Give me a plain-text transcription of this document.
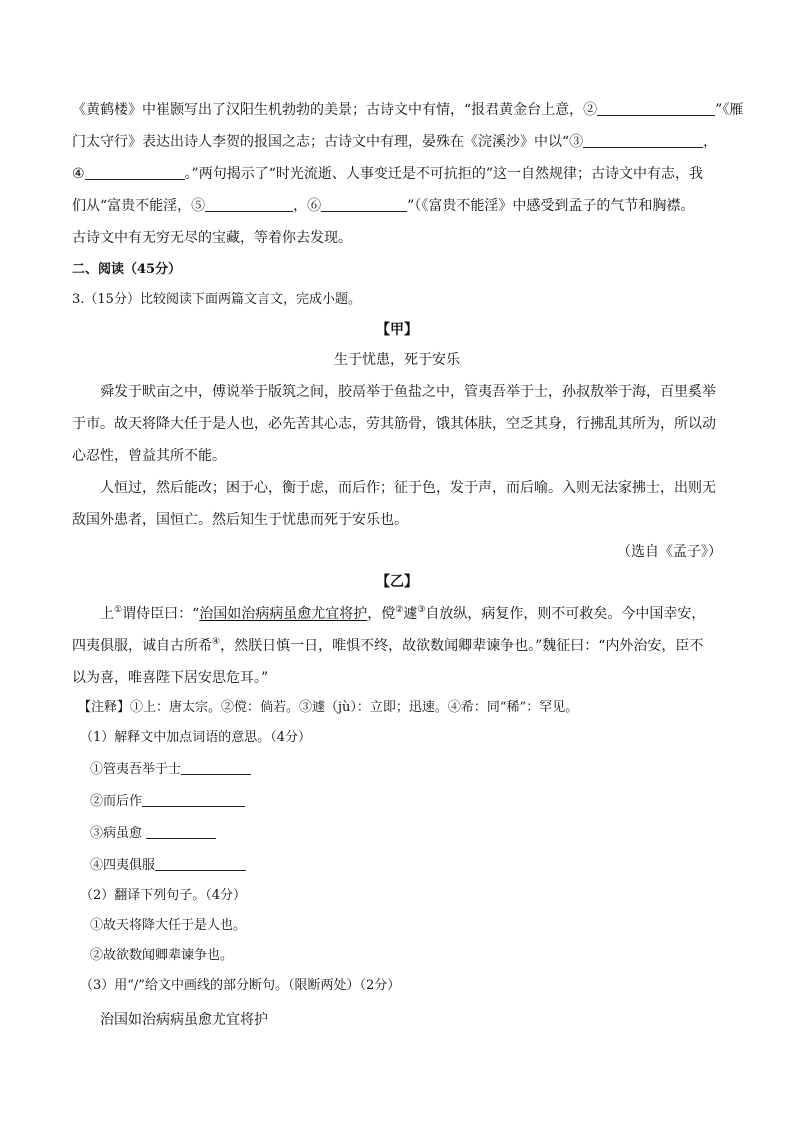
《黄鹤楼》中崔颢写出了汉阳生机勃勃的美景；古诗文中有情，“报君黄金台上意，②	”《雁
门太守行》表达出诗人李贺的报国之志；古诗文中有理，晏殊在《浣溪沙》中以“③	，
④	。”两句揭示了“时光流逝、人事变迁是不可抗拒的”这一自然规律；古诗文中有志，我
们从“富贵不能淫，⑤	，⑥	”（《富贵不能淫》中感受到孟子的气节和胸襟。
古诗文中有无穷无尽的宝藏，等着你去发现。
二、阅读（45分）
3.（15分）比较阅读下面两篇文言文，完成小题。
【甲】
生于忧患，死于安乐
舜发于畎亩之中，傅说举于版筑之间，胶鬲举于鱼盐之中，管夷吾举于士，孙叔敖举于海，百里奚举
于市。故天将降大任于是人也，必先苦其心志，劳其筋骨，饿其体肤，空乏其身，行拂乱其所为，所以动
心忍性，曾益其所不能。
人恒过，然后能改；困于心，衡于虑，而后作；征于色，发于声，而后喻。入则无法家拂士，出则无
敌国外患者，国恒亡。然后知生于忧患而死于安乐也。
（选自《孟子》）
【乙】
上①谓侍臣曰：“治国如治病病虽愈尤宜将护，傥②遽③自放纵，病复作，则不可救矣。今中国幸安，
四夷俱服，诚自古所希④，然朕日慎一日，唯惧不终，故欲数闻卿辈谏争也。”魏征曰：“内外治安，臣不
以为喜，唯喜陛下居安思危耳。”
【注释】①上：唐太宗。②傥：倘若。③遽（jù）：立即；迅速。④希：同“稀”：罕见。
（1）解释文中加点词语的意思。（4分）
①管夷吾举于士
②而后作
③病虽愈
④四夷俱服
（2）翻译下列句子。（4分）
①故天将降大任于是人也。
②故欲数闻卿辈谏争也。
（3）用“/”给文中画线的部分断句。（限断两处）（2分）
治国如治病病虽愈尤宜将护
